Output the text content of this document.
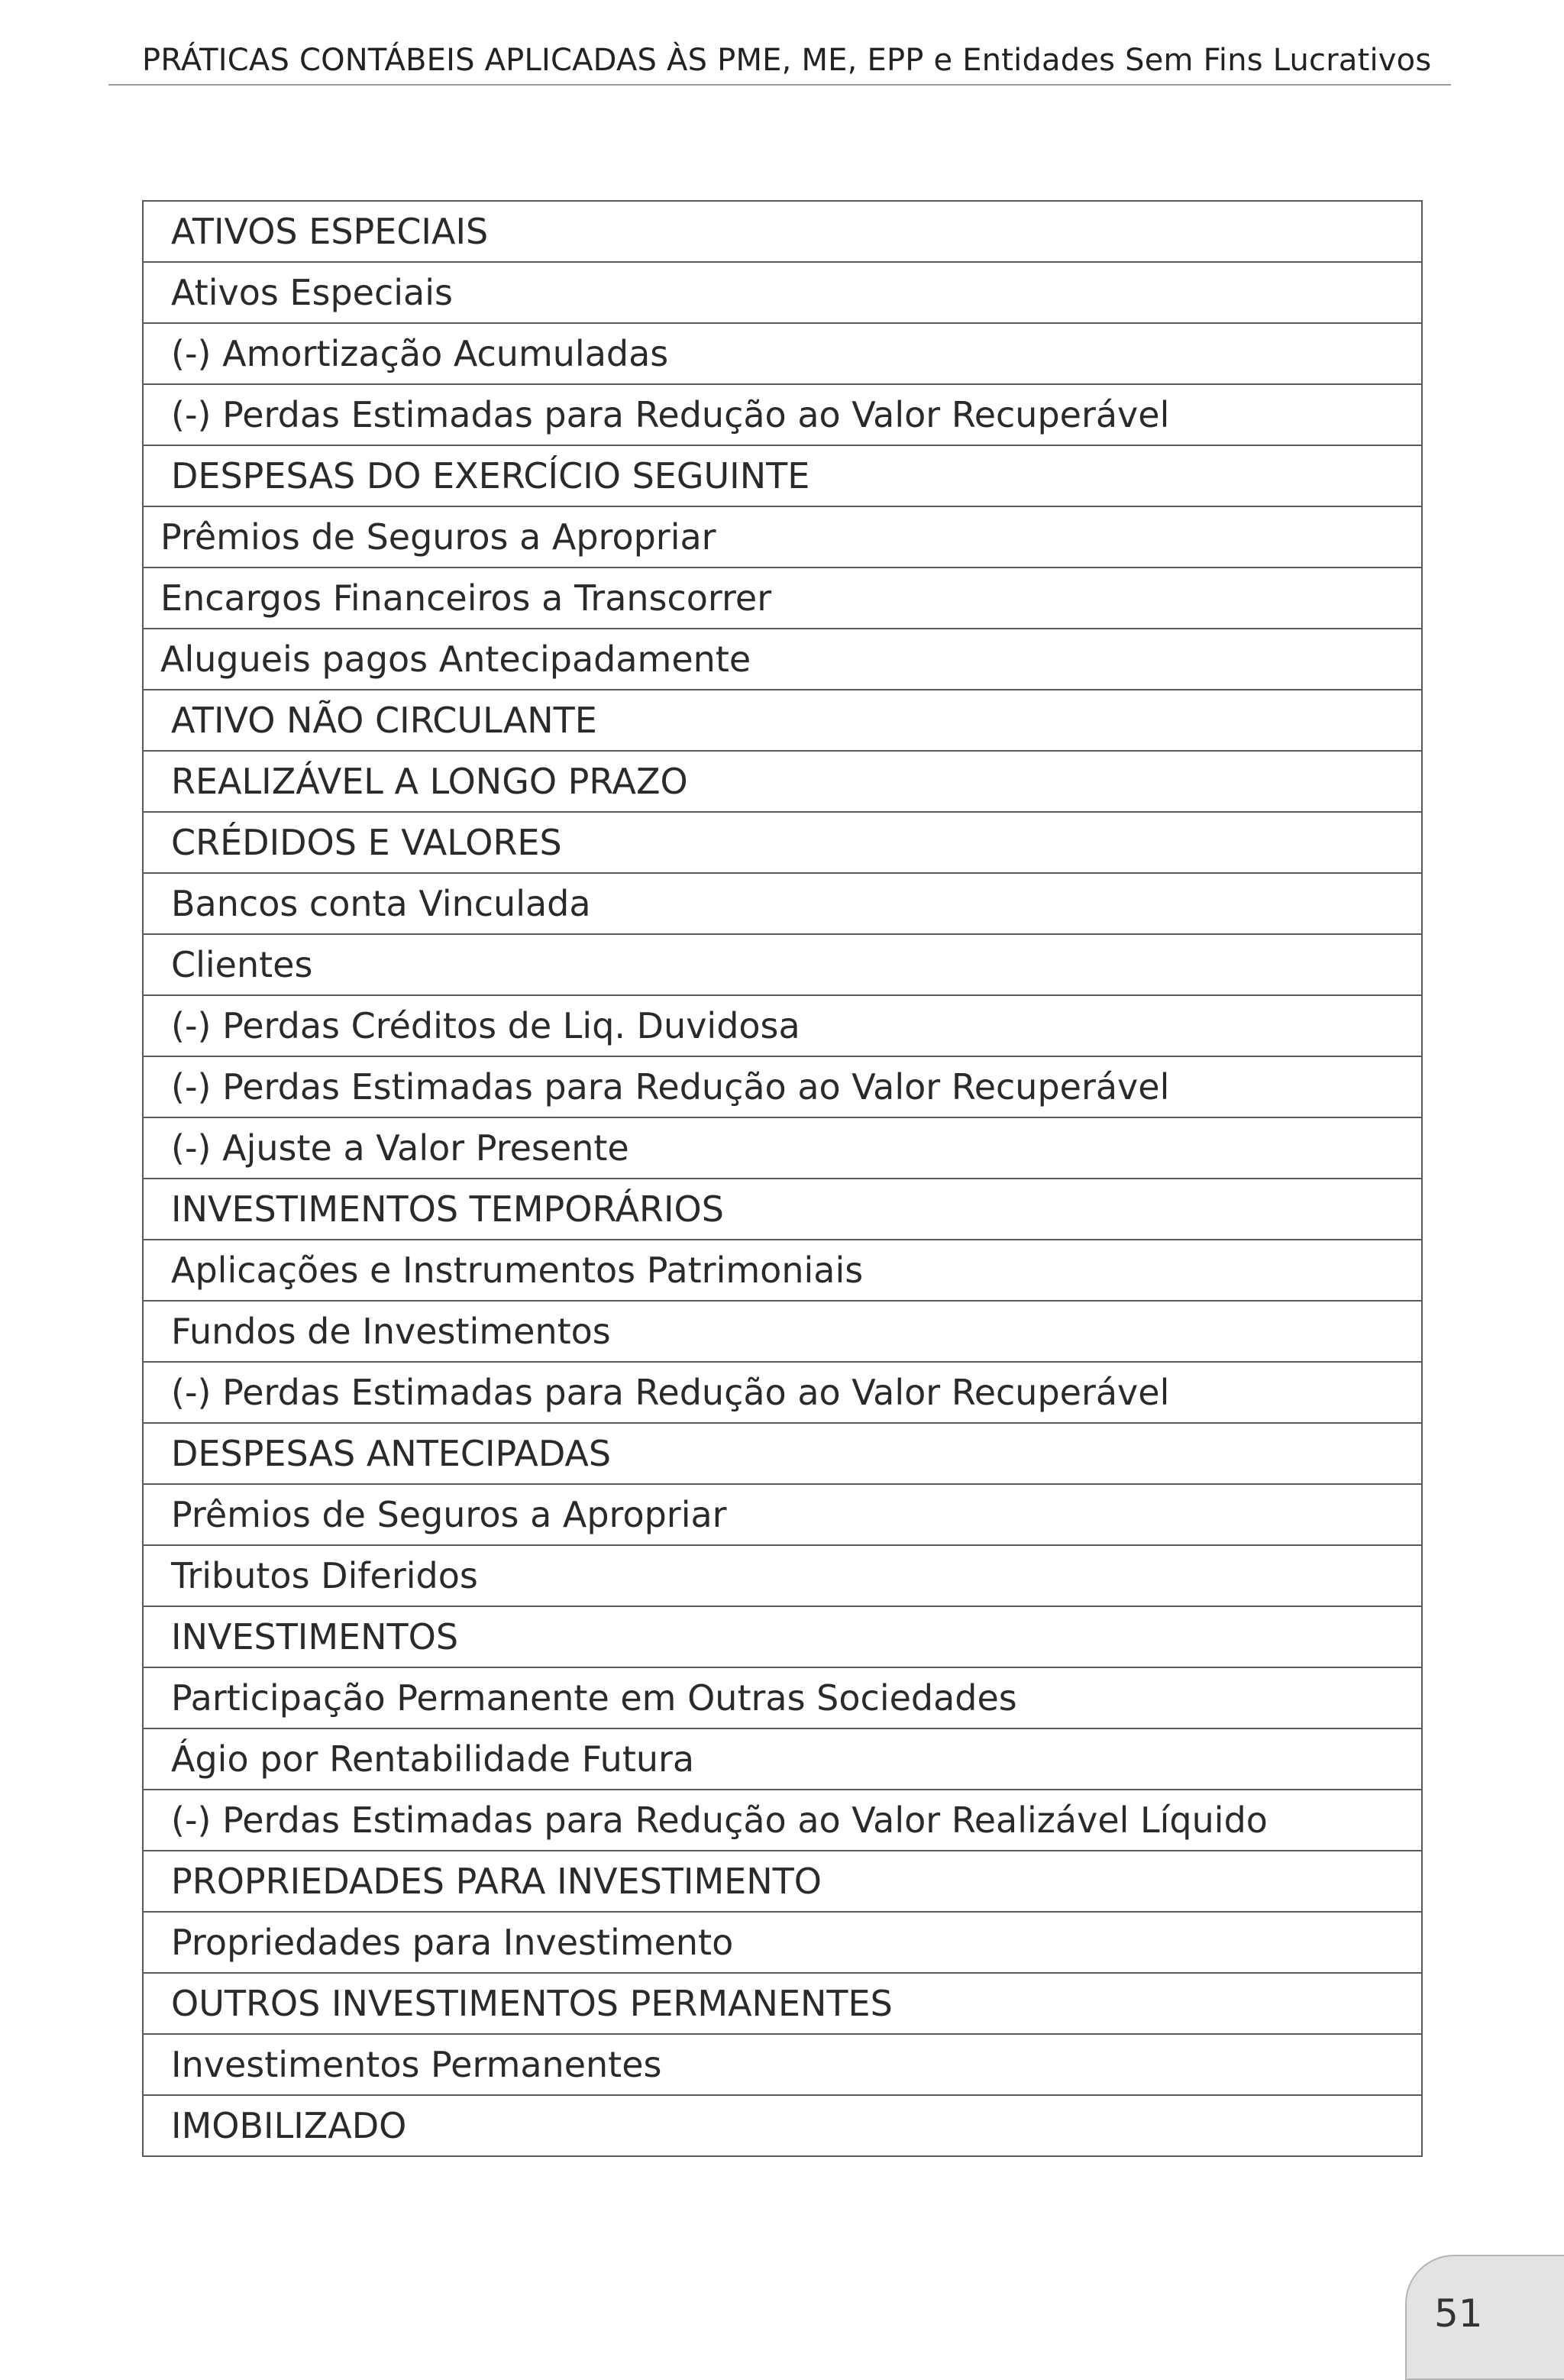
PRÁTICAS CONTÁBEIS APLICADAS ÀS PME, ME, EPP e Entidades Sem Fins Lucrativos
ATIVOS ESPECIAIS
Ativos Especiais
(-) Amortização Acumuladas
(-) Perdas Estimadas para Redução ao Valor Recuperável
DESPESAS DO EXERCÍCIO SEGUINTE
Prêmios de Seguros a Apropriar
Encargos Financeiros a Transcorrer
Alugueis pagos Antecipadamente
ATIVO NÃO CIRCULANTE
REALIZÁVEL A LONGO PRAZO
CRÉDIDOS E VALORES
Bancos conta Vinculada
Clientes
(-) Perdas Créditos de Liq. Duvidosa
(-) Perdas Estimadas para Redução ao Valor Recuperável
(-) Ajuste a Valor Presente
INVESTIMENTOS TEMPORÁRIOS
Aplicações e Instrumentos Patrimoniais
Fundos de Investimentos
(-) Perdas Estimadas para Redução ao Valor Recuperável
DESPESAS ANTECIPADAS
Prêmios de Seguros a Apropriar
Tributos Diferidos
INVESTIMENTOS
Participação Permanente em Outras Sociedades
Ágio por Rentabilidade Futura
(-) Perdas Estimadas para Redução ao Valor Realizável Líquido
PROPRIEDADES PARA INVESTIMENTO
Propriedades para Investimento
OUTROS INVESTIMENTOS PERMANENTES
Investimentos Permanentes
IMOBILIZADO
51
